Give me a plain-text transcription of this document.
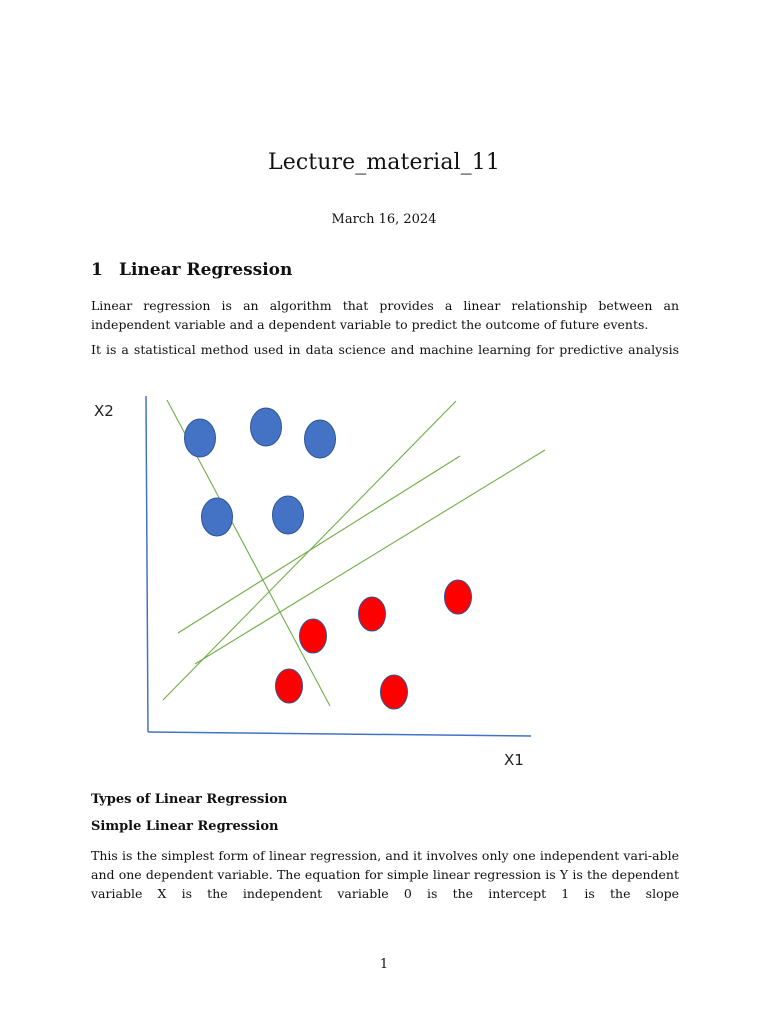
Lecture_material_11
March 16, 2024
1 Linear Regression
Linear regression is an algorithm that provides a linear relationship between an independent variable and a dependent variable to predict the outcome of future events.
It is a statistical method used in data science and machine learning for predictive analysis
X2
X1
Types of Linear Regression
Simple Linear Regression
This is the simplest form of linear regression, and it involves only one independent vari-able and one dependent variable. The equation for simple linear regression is Y is the dependent variable X is the independent variable 0 is the intercept 1 is the slope
1
